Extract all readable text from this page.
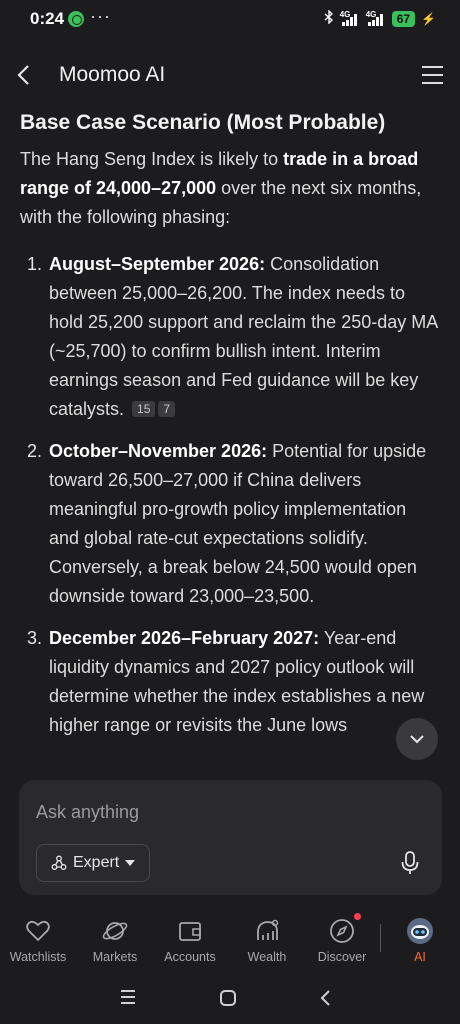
0:24 ···	4G 4G	67 ⚡
Moomoo AI
Base Case Scenario (Most Probable)

The Hang Seng Index is likely to trade in a broad range of 24,000–27,000 over the next six months, with the following phasing:

1. August–September 2026: Consolidation between 25,000–26,200. The index needs to hold 25,200 support and reclaim the 250-day MA (~25,700) to confirm bullish intent. Interim earnings season and Fed guidance will be key catalysts. 15 7
2. October–November 2026: Potential for upside toward 26,500–27,000 if China delivers meaningful pro-growth policy implementation and global rate-cut expectations solidify. Conversely, a break below 24,500 would open downside toward 23,000–23,500.
3. December 2026–February 2027: Year-end liquidity dynamics and 2027 policy outlook will determine whether the index establishes a new higher range or revisits the June lows
Ask anything
Expert
Watchlists	Markets	Accounts	Wealth	Discover	AI
